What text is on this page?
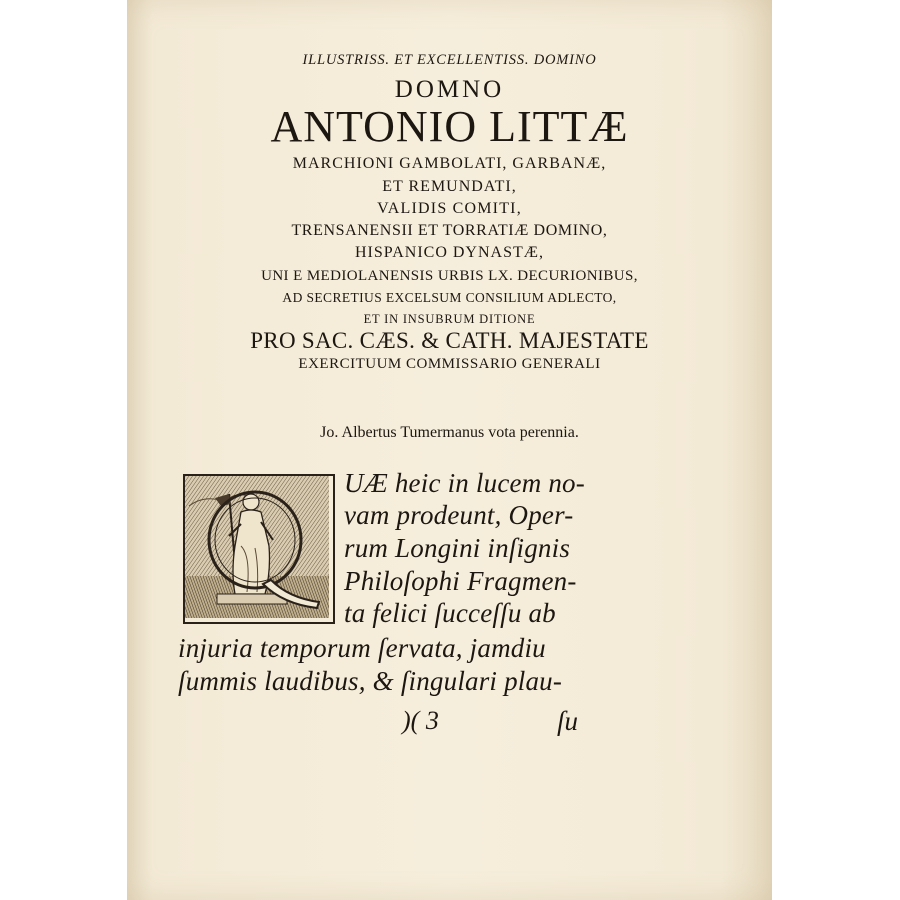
ILLUSTRISS. ET EXCELLENTISS. DOMINO
DOMNO
ANTONIO LITTÆ
MARCHIONI GAMBOLATI, GARBANÆ,
ET REMUNDATI,
VALIDIS COMITI,
TRENSANENSII ET TORRATIÆ DOMINO,
HISPANICO DYNASTÆ,
UNI E MEDIOLANENSIS URBIS LX. DECURIONIBUS,
AD SECRETIUS EXCELSUM CONSILIUM ADLECTO,
ET IN INSUBRUM DITIONE
PRO SAC. CÆS. & CATH. MAJESTATE
EXERCITUUM COMMISSARIO GENERALI
Jo. Albertus Tumermanus vota perennia.
UÆ heic in lucem no-
vam prodeunt, Oper-
rum Longini inſignis
Philoſophi Fragmen-
ta felici ſucceſſu ab
injuria temporum ſervata, jamdiu
ſummis laudibus, & ſingulari plau-
)( 3	ſu
